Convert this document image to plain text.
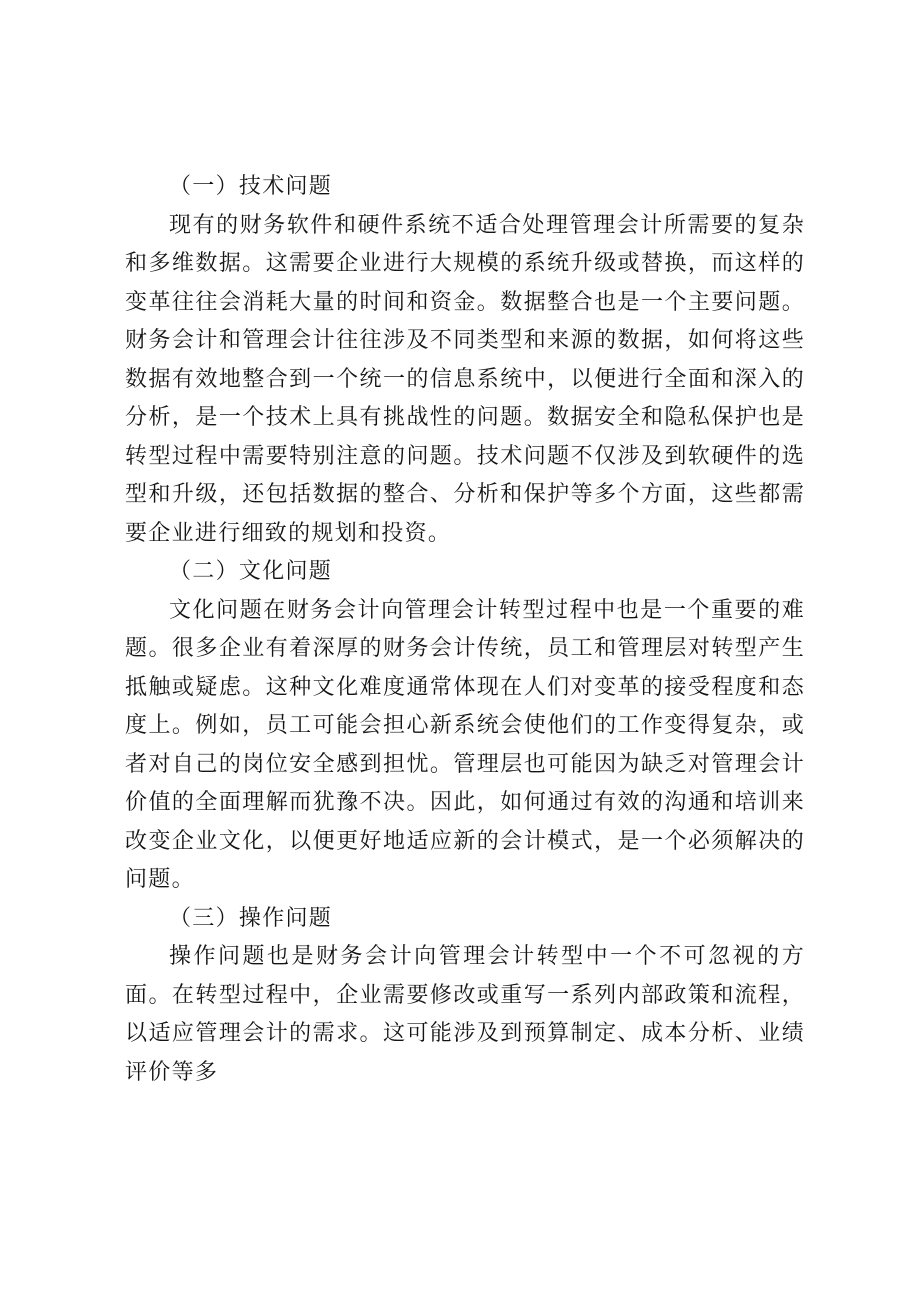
（一）技术问题

现有的财务软件和硬件系统不适合处理管理会计所需要的复杂和多维数据。这需要企业进行大规模的系统升级或替换，而这样的变革往往会消耗大量的时间和资金。数据整合也是一个主要问题。财务会计和管理会计往往涉及不同类型和来源的数据，如何将这些数据有效地整合到一个统一的信息系统中，以便进行全面和深入的分析，是一个技术上具有挑战性的问题。数据安全和隐私保护也是转型过程中需要特别注意的问题。技术问题不仅涉及到软硬件的选型和升级，还包括数据的整合、分析和保护等多个方面，这些都需要企业进行细致的规划和投资。

（二）文化问题

文化问题在财务会计向管理会计转型过程中也是一个重要的难题。很多企业有着深厚的财务会计传统，员工和管理层对转型产生抵触或疑虑。这种文化难度通常体现在人们对变革的接受程度和态度上。例如，员工可能会担心新系统会使他们的工作变得复杂，或者对自己的岗位安全感到担忧。管理层也可能因为缺乏对管理会计价值的全面理解而犹豫不决。因此，如何通过有效的沟通和培训来改变企业文化，以便更好地适应新的会计模式，是一个必须解决的问题。

（三）操作问题

操作问题也是财务会计向管理会计转型中一个不可忽视的方面。在转型过程中，企业需要修改或重写一系列内部政策和流程，以适应管理会计的需求。这可能涉及到预算制定、成本分析、业绩评价等多
